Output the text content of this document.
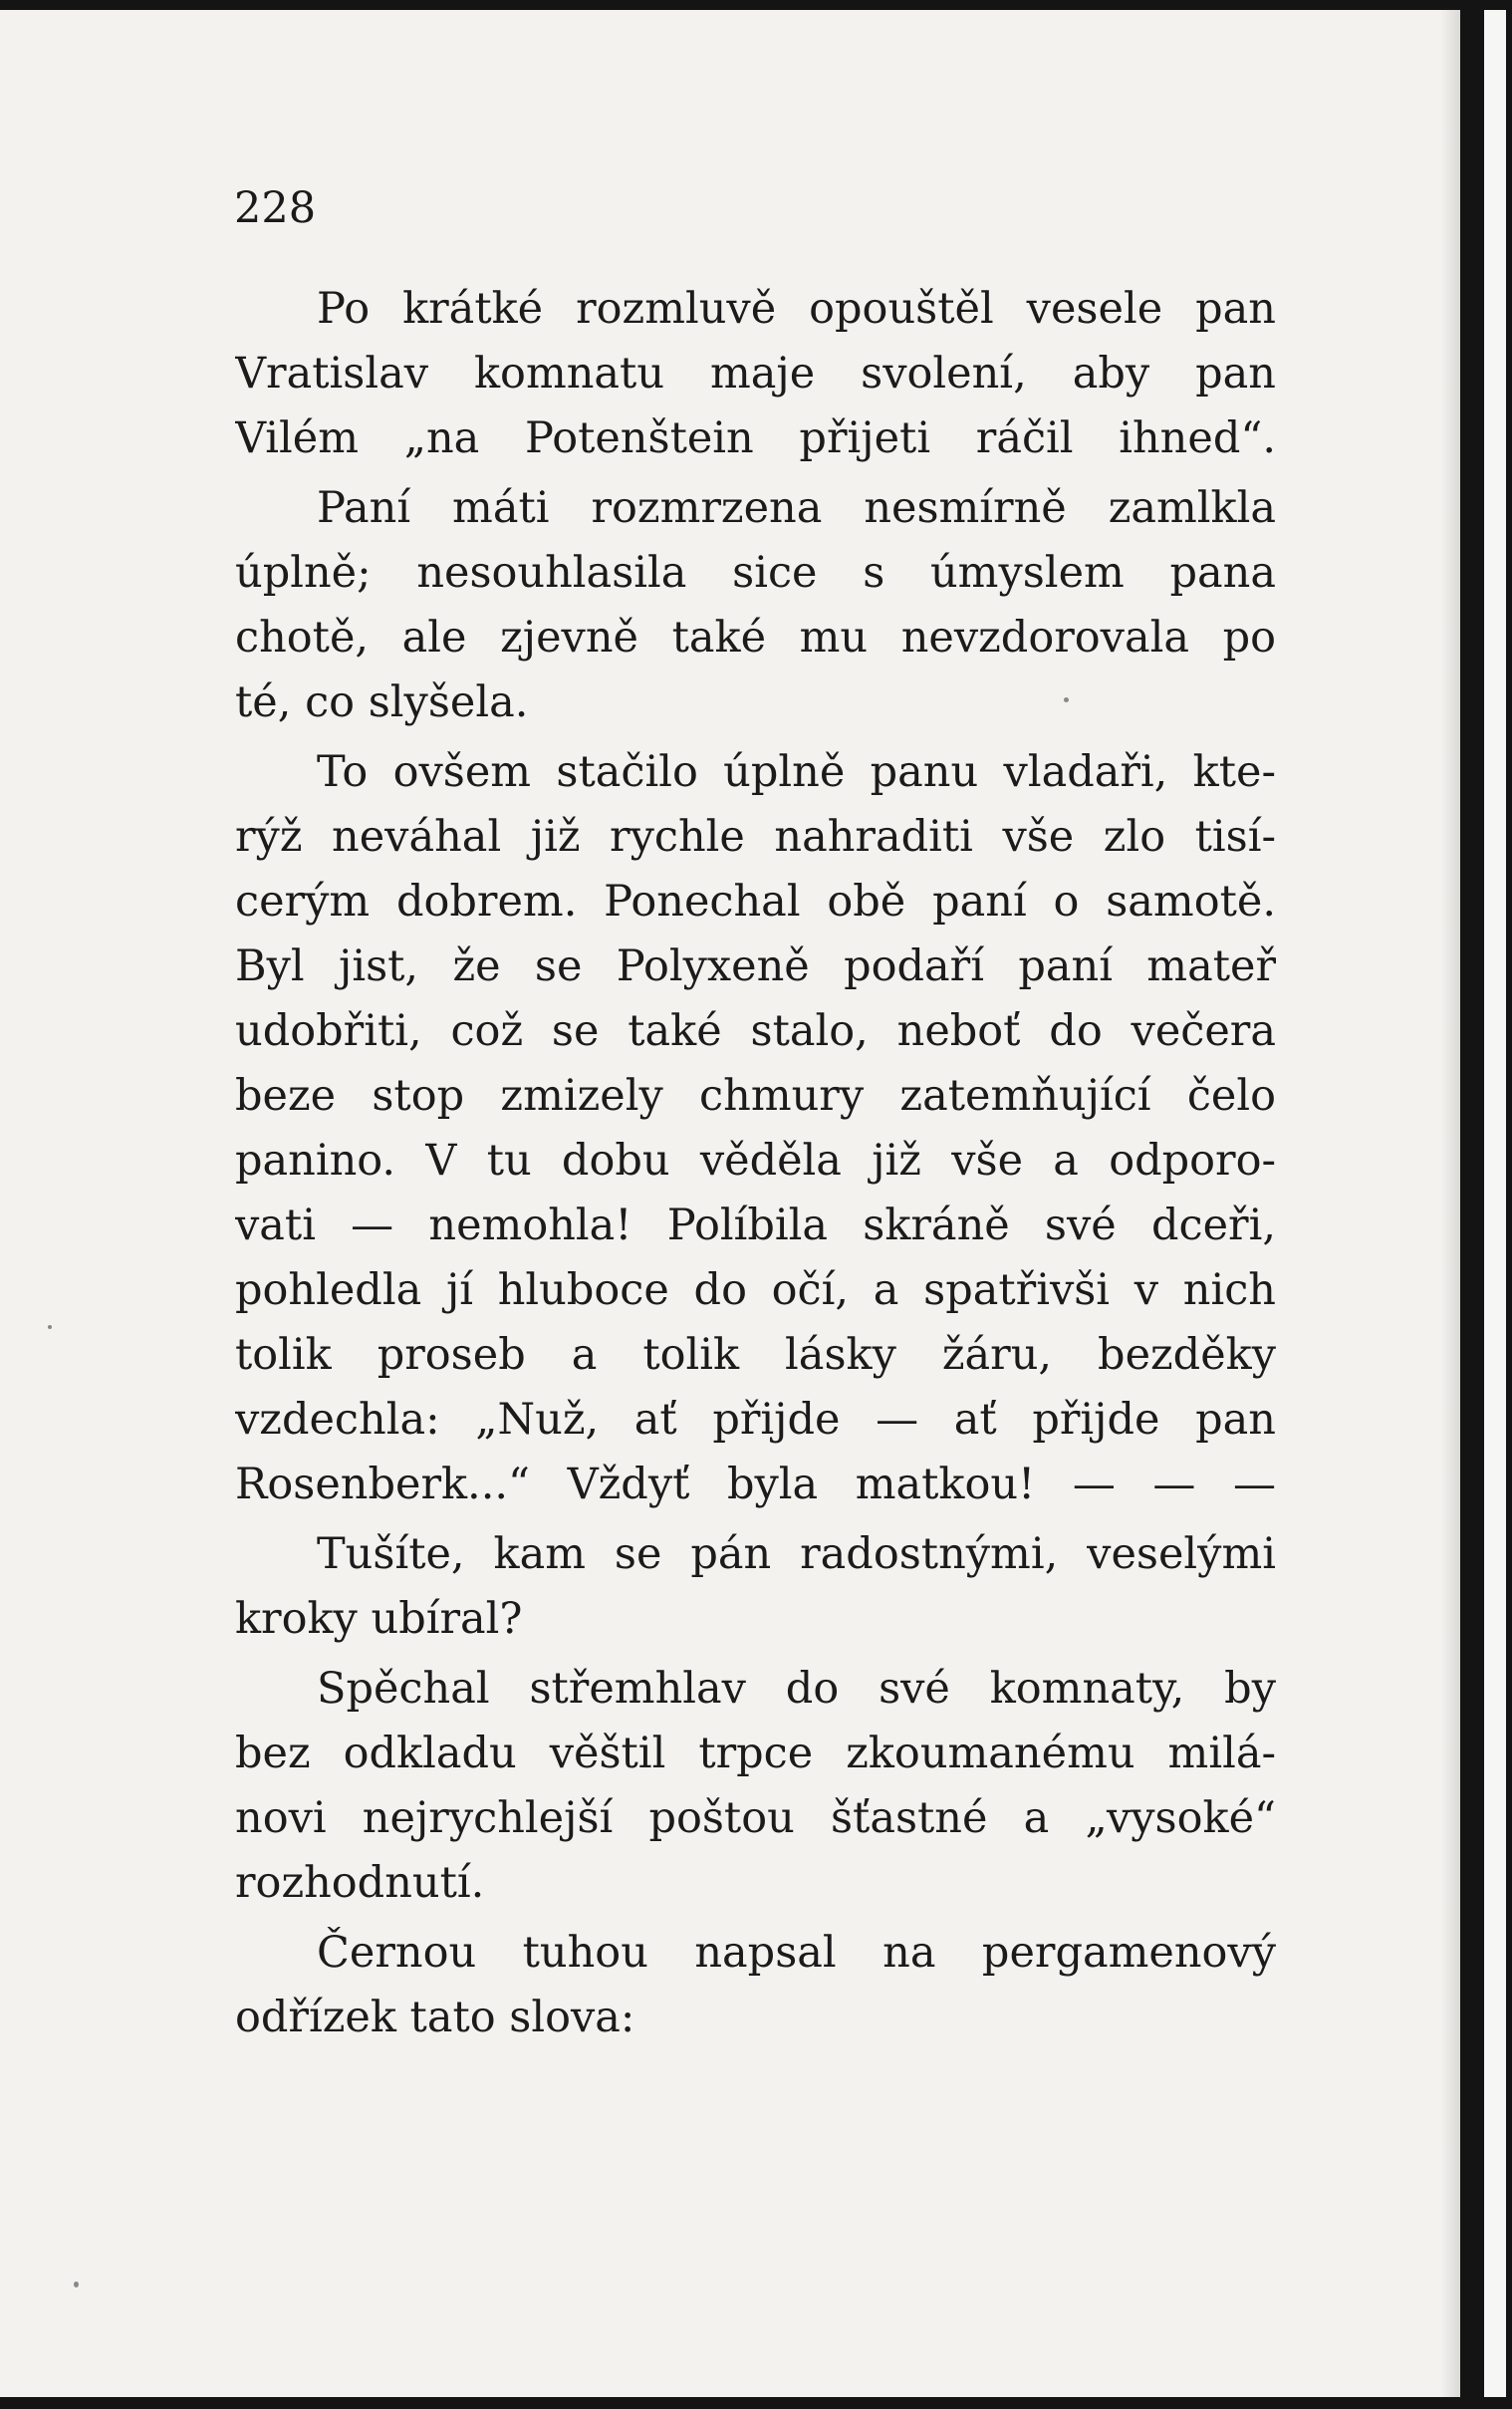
228
Po krátké rozmluvě opouštěl vesele pan
Vratislav komnatu maje svolení, aby pan
Vilém „na Potenštein přijeti ráčil ihned“.
Paní máti rozmrzena nesmírně zamlkla
úplně; nesouhlasila sice s úmyslem pana
chotě, ale zjevně také mu nevzdorovala po
té, co slyšela.
To ovšem stačilo úplně panu vladaři, kte-
rýž neváhal již rychle nahraditi vše zlo tisí-
cerým dobrem. Ponechal obě paní o samotě.
Byl jist, že se Polyxeně podaří paní mateř
udobřiti, což se také stalo, neboť do večera
beze stop zmizely chmury zatemňující čelo
panino. V tu dobu věděla již vše a odporo-
vati — nemohla! Políbila skráně své dceři,
pohledla jí hluboce do očí, a spatřivši v nich
tolik proseb a tolik lásky žáru, bezděky
vzdechla: „Nuž, ať přijde — ať přijde pan
Rosenberk...“ Vždyť byla matkou! — — —
Tušíte, kam se pán radostnými, veselými
kroky ubíral?
Spěchal střemhlav do své komnaty, by
bez odkladu věštil trpce zkoumanému milá-
novi nejrychlejší poštou šťastné a „vysoké“
rozhodnutí.
Černou tuhou napsal na pergamenový
odřízek tato slova:
